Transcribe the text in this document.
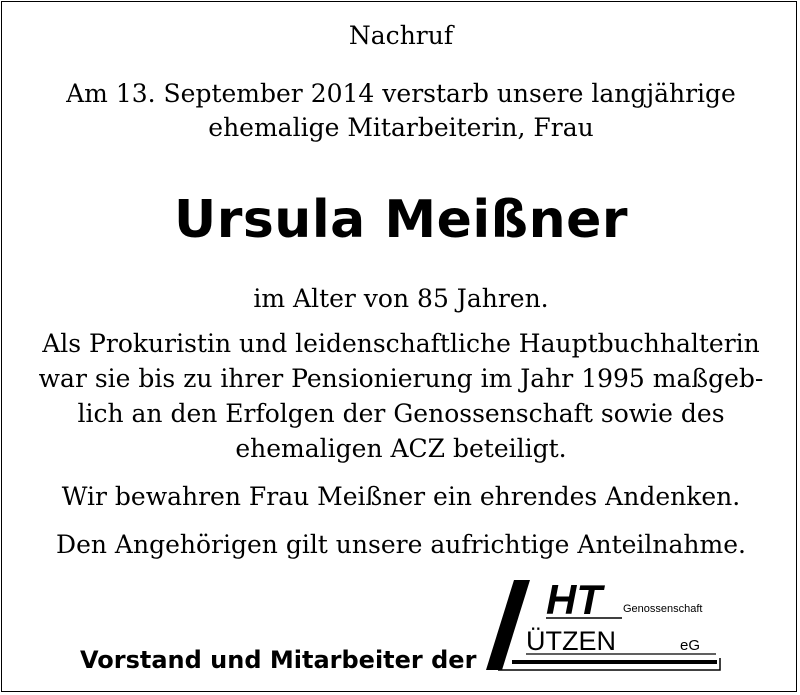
Nachruf
Am 13. September 2014 verstarb unsere langjährige
ehemalige Mitarbeiterin, Frau
Ursula Meißner
im Alter von 85 Jahren.
Als Prokuristin und leidenschaftliche Hauptbuchhalterin
war sie bis zu ihrer Pensionierung im Jahr 1995 maßgeb-
lich an den Erfolgen der Genossenschaft sowie des
ehemaligen ACZ beteiligt.
Wir bewahren Frau Meißner ein ehrendes Andenken.
Den Angehörigen gilt unsere aufrichtige Anteilnahme.
Vorstand und Mitarbeiter der
HT	Genossenschaft
ÜTZEN	eG
